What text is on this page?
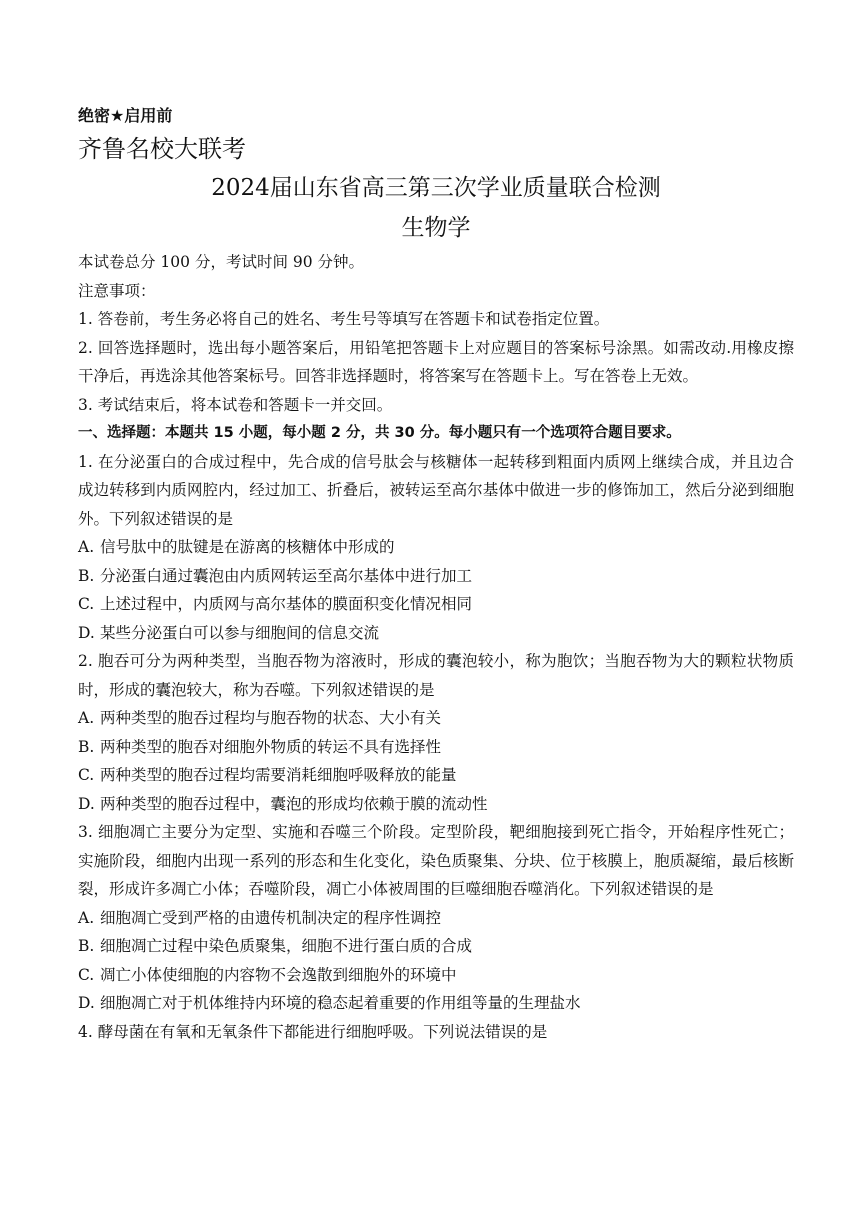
绝密★启用前
齐鲁名校大联考
2024届山东省高三第三次学业质量联合检测
生物学
本试卷总分 100 分，考试时间 90 分钟。
注意事项：
1. 答卷前，考生务必将自己的姓名、考生号等填写在答题卡和试卷指定位置。
2. 回答选择题时，选出每小题答案后，用铅笔把答题卡上对应题目的答案标号涂黑。如需改动.用橡皮擦干净后，再选涂其他答案标号。回答非选择题时，将答案写在答题卡上。写在答卷上无效。
3. 考试结束后，将本试卷和答题卡一并交回。
一、选择题：本题共 15 小题，每小题 2 分，共 30 分。每小题只有一个选项符合题目要求。
1. 在分泌蛋白的合成过程中，先合成的信号肽会与核糖体一起转移到粗面内质网上继续合成，并且边合成边转移到内质网腔内，经过加工、折叠后，被转运至高尔基体中做进一步的修饰加工，然后分泌到细胞外。下列叙述错误的是
A. 信号肽中的肽键是在游离的核糖体中形成的
B. 分泌蛋白通过囊泡由内质网转运至高尔基体中进行加工
C. 上述过程中，内质网与高尔基体的膜面积变化情况相同
D. 某些分泌蛋白可以参与细胞间的信息交流
2. 胞吞可分为两种类型，当胞吞物为溶液时，形成的囊泡较小，称为胞饮；当胞吞物为大的颗粒状物质时，形成的囊泡较大，称为吞噬。下列叙述错误的是
A. 两种类型的胞吞过程均与胞吞物的状态、大小有关
B. 两种类型的胞吞对细胞外物质的转运不具有选择性
C. 两种类型的胞吞过程均需要消耗细胞呼吸释放的能量
D. 两种类型的胞吞过程中，囊泡的形成均依赖于膜的流动性
3. 细胞凋亡主要分为定型、实施和吞噬三个阶段。定型阶段，靶细胞接到死亡指令，开始程序性死亡；实施阶段，细胞内出现一系列的形态和生化变化，染色质聚集、分块、位于核膜上，胞质凝缩，最后核断裂，形成许多凋亡小体；吞噬阶段，凋亡小体被周围的巨噬细胞吞噬消化。下列叙述错误的是
A. 细胞凋亡受到严格的由遗传机制决定的程序性调控
B. 细胞凋亡过程中染色质聚集，细胞不进行蛋白质的合成
C. 凋亡小体使细胞的内容物不会逸散到细胞外的环境中
D. 细胞凋亡对于机体维持内环境的稳态起着重要的作用组等量的生理盐水
4. 酵母菌在有氧和无氧条件下都能进行细胞呼吸。下列说法错误的是
